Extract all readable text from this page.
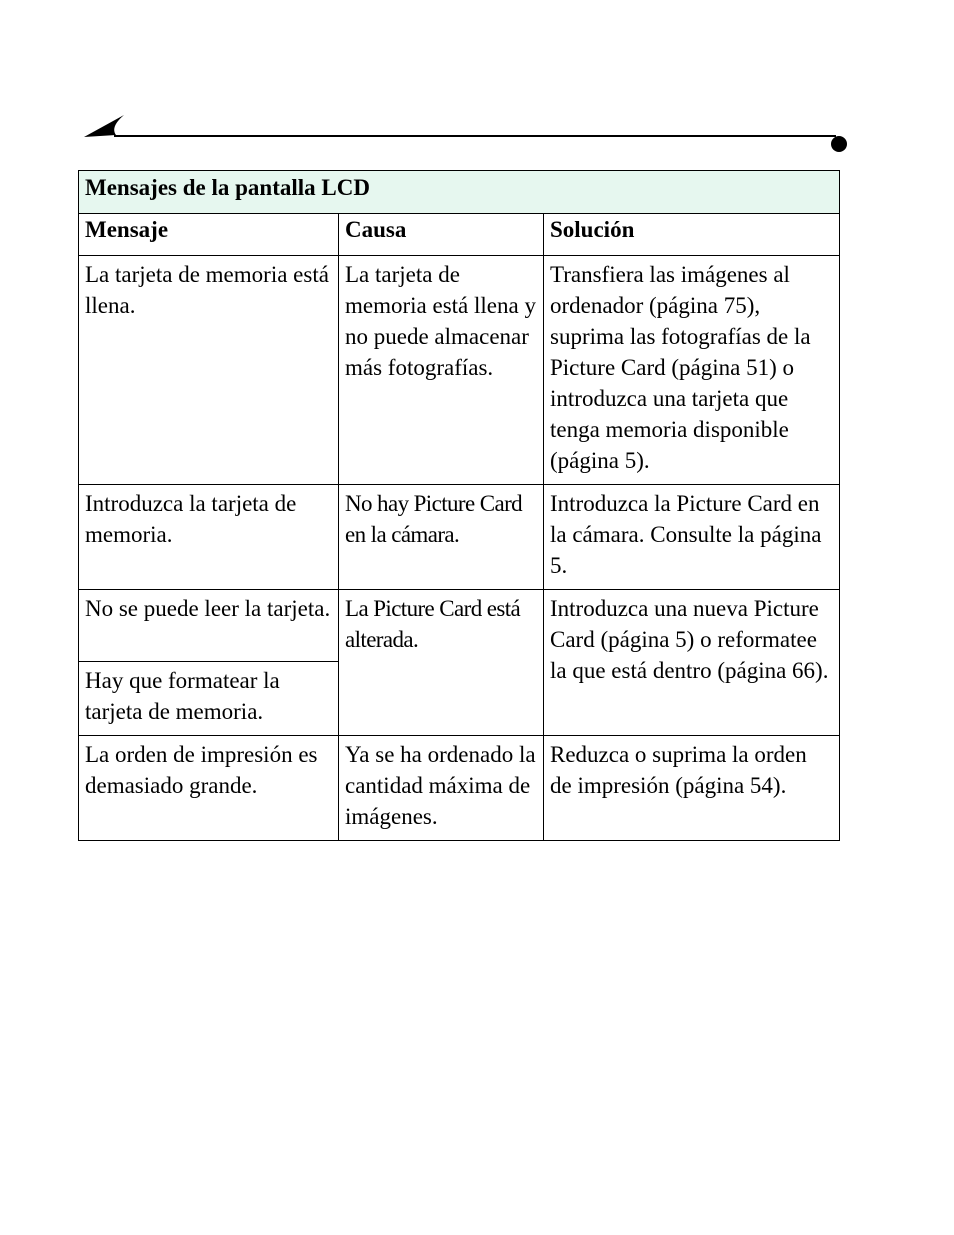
Mensajes de la pantalla LCD		
Mensaje	Causa	Solución
La tarjeta de memoria está llena.	La tarjeta de memoria está llena y no puede almacenar más fotografías.	Transfiera las imágenes al ordenador (página 75), suprima las fotografías de la Picture Card (página 51) o introduzca una tarjeta que tenga memoria disponible (página 5).
Introduzca la tarjeta de memoria.	No hay Picture Card en la cámara.	Introduzca la Picture Card en la cámara. Consulte la página 5.
No se puede leer la tarjeta.	La Picture Card está alterada.	Introduzca una nueva Picture Card (página 5) o reformatee la que está dentro (página 66).
Hay que formatear la tarjeta de memoria.		
La orden de impresión es demasiado grande.	Ya se ha ordenado la cantidad máxima de imágenes.	Reduzca o suprima la orden de impresión (página 54).
